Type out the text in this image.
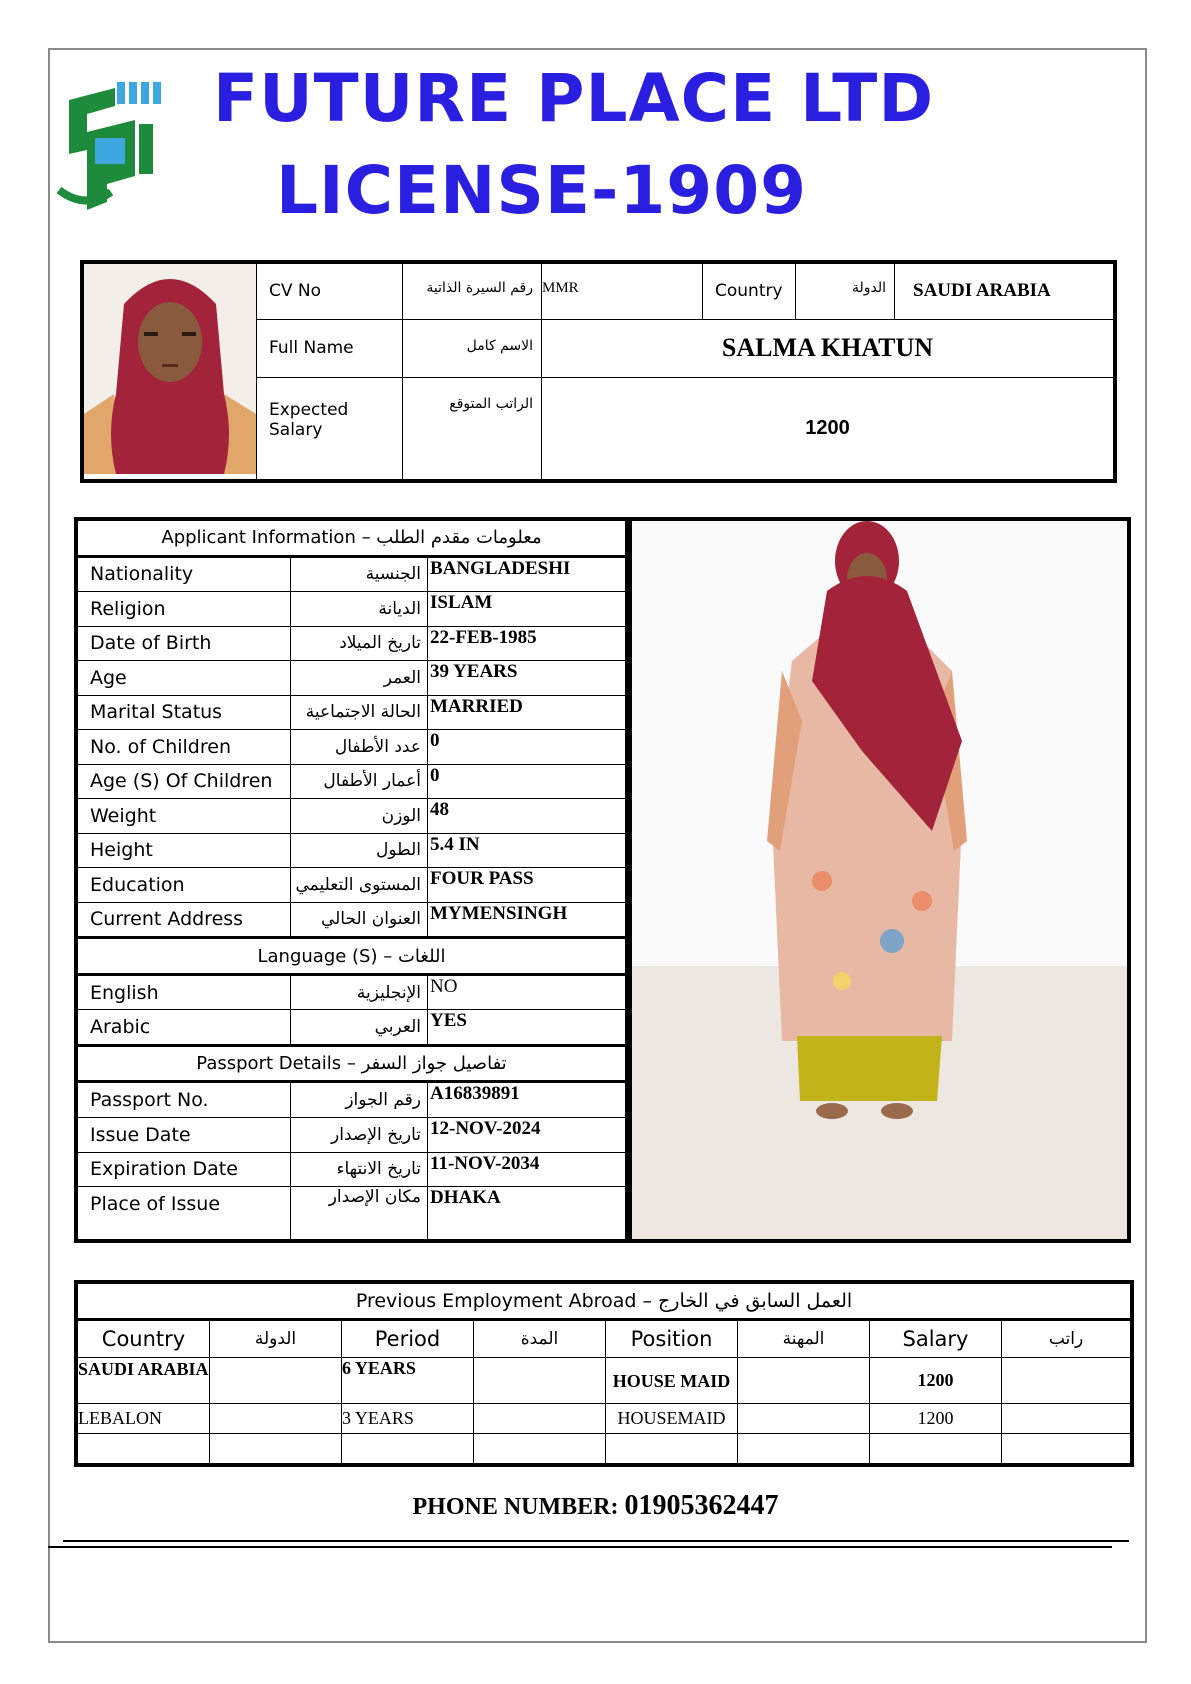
FUTURE PLACE LTD
LICENSE-1909
	CV No	رقم السيرة الذاتية	MMR	Country	الدولة	SAUDI ARABIA
	Full Name	الاسم كامل	SALMA KHATUN			
	Expected Salary	الراتب المتوقع	1200			
Applicant Information – معلومات مقدم الطلب		
Nationality	الجنسية	BANGLADESHI
Religion	الديانة	ISLAM
Date of Birth	تاريخ الميلاد	22-FEB-1985
Age	العمر	39 YEARS
Marital Status	الحالة الاجتماعية	MARRIED
No. of Children	عدد الأطفال	0
Age (S) Of Children	أعمار الأطفال	0
Weight	الوزن	48
Height	الطول	5.4 IN
Education	المستوى التعليمي	FOUR PASS
Current Address	العنوان الحالي	MYMENSINGH
Language (S) – اللغات		
English	الإنجليزية	NO
Arabic	العربي	YES
Passport Details – تفاصيل جواز السفر		
Passport No.	رقم الجواز	A16839891
Issue Date	تاريخ الإصدار	12-NOV-2024
Expiration Date	تاريخ الانتهاء	11-NOV-2034
Place of Issue	مكان الإصدار	DHAKA
Previous Employment Abroad – العمل السابق في الخارج							
Country	الدولة	Period	المدة	Position	المهنة	Salary	راتب
SAUDI ARABIA		6 YEARS		HOUSE MAID		1200	
LEBALON		3 YEARS		HOUSEMAID		1200	

PHONE NUMBER: 01905362447
